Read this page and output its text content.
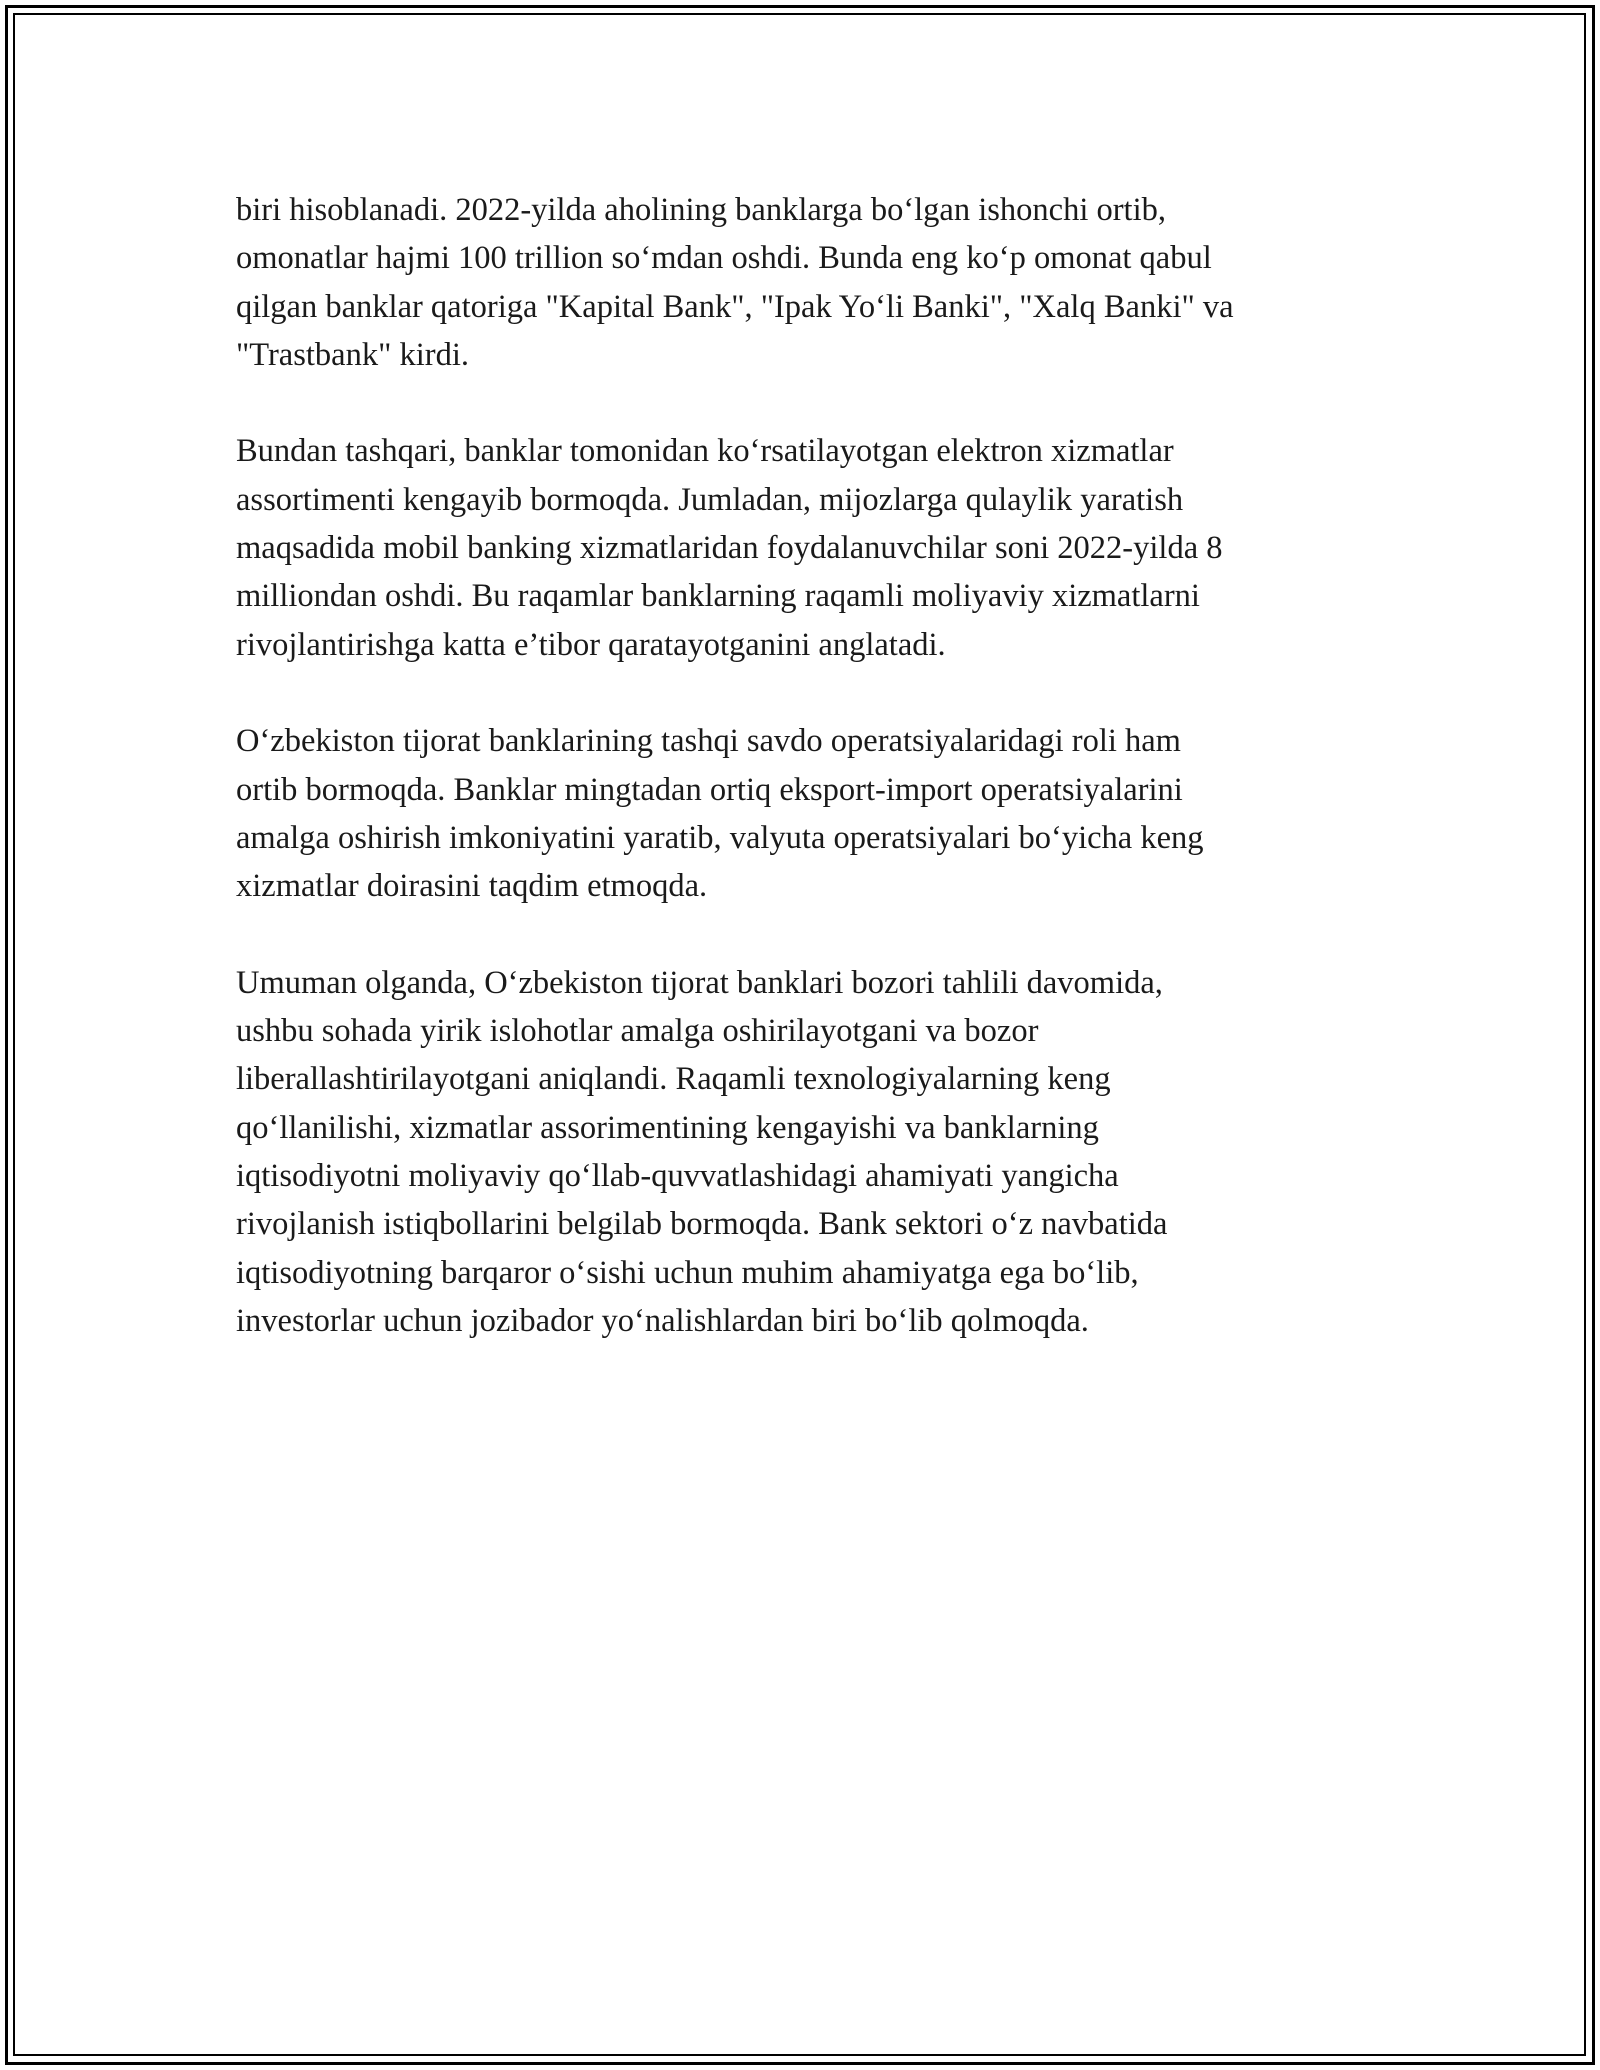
biri hisoblanadi. 2022-yilda aholining banklarga bo‘lgan ishonchi ortib,
omonatlar hajmi 100 trillion so‘mdan oshdi. Bunda eng ko‘p omonat qabul
qilgan banklar qatoriga "Kapital Bank", "Ipak Yo‘li Banki", "Xalq Banki" va
"Trastbank" kirdi.

Bundan tashqari, banklar tomonidan ko‘rsatilayotgan elektron xizmatlar
assortimenti kengayib bormoqda. Jumladan, mijozlarga qulaylik yaratish
maqsadida mobil banking xizmatlaridan foydalanuvchilar soni 2022-yilda 8
milliondan oshdi. Bu raqamlar banklarning raqamli moliyaviy xizmatlarni
rivojlantirishga katta e’tibor qaratayotganini anglatadi.

O‘zbekiston tijorat banklarining tashqi savdo operatsiyalaridagi roli ham
ortib bormoqda. Banklar mingtadan ortiq eksport-import operatsiyalarini
amalga oshirish imkoniyatini yaratib, valyuta operatsiyalari bo‘yicha keng
xizmatlar doirasini taqdim etmoqda.

Umuman olganda, O‘zbekiston tijorat banklari bozori tahlili davomida,
ushbu sohada yirik islohotlar amalga oshirilayotgani va bozor
liberallashtirilayotgani aniqlandi. Raqamli texnologiyalarning keng
qo‘llanilishi, xizmatlar assorimentining kengayishi va banklarning
iqtisodiyotni moliyaviy qo‘llab-quvvatlashidagi ahamiyati yangicha
rivojlanish istiqbollarini belgilab bormoqda. Bank sektori o‘z navbatida
iqtisodiyotning barqaror o‘sishi uchun muhim ahamiyatga ega bo‘lib,
investorlar uchun jozibador yo‘nalishlardan biri bo‘lib qolmoqda.
